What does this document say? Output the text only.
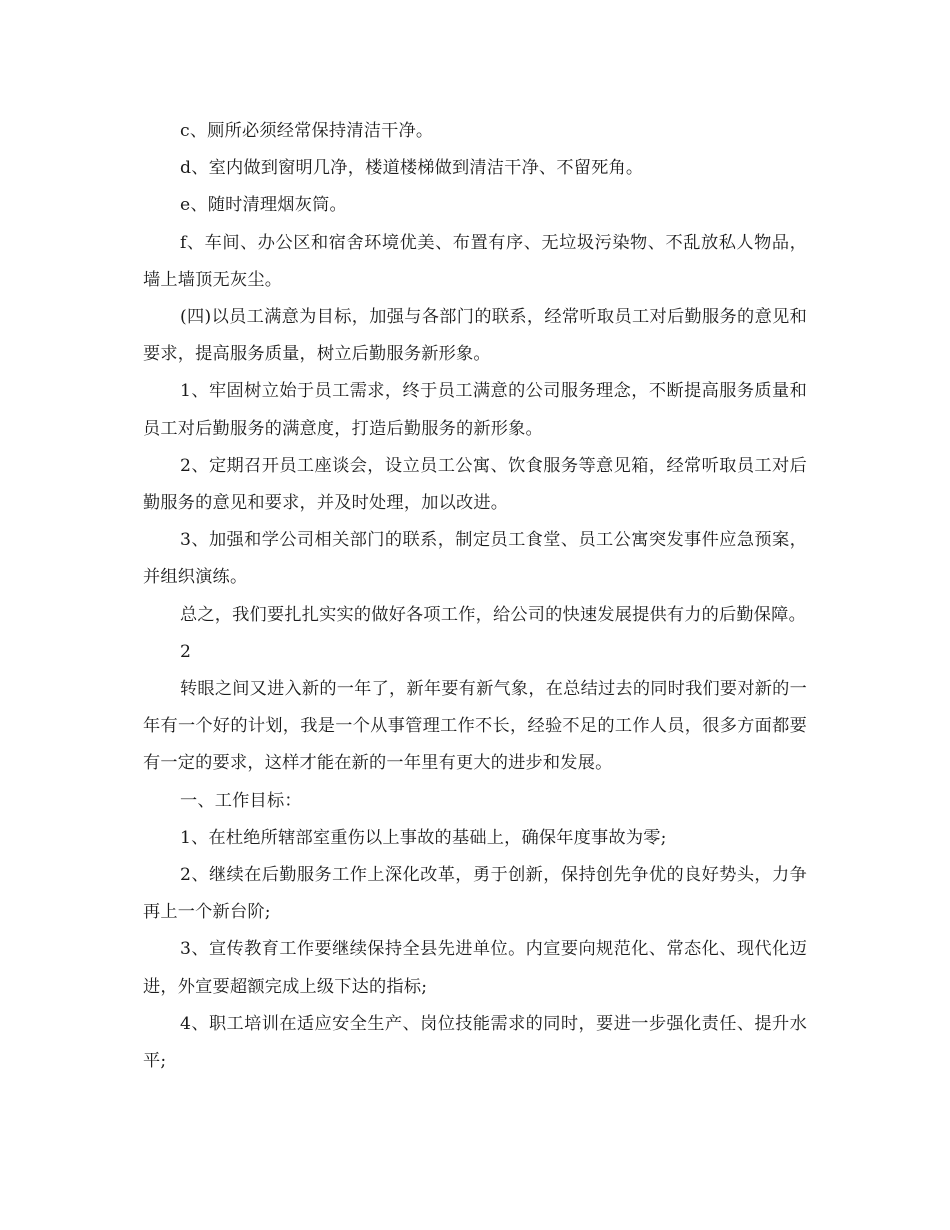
c、厕所必须经常保持清洁干净。

d、室内做到窗明几净，楼道楼梯做到清洁干净、不留死角。

e、随时清理烟灰筒。

f、车间、办公区和宿舍环境优美、布置有序、无垃圾污染物、不乱放私人物品，墙上墙顶无灰尘。

(四)以员工满意为目标，加强与各部门的联系，经常听取员工对后勤服务的意见和要求，提高服务质量，树立后勤服务新形象。

1、牢固树立始于员工需求，终于员工满意的公司服务理念，不断提高服务质量和员工对后勤服务的满意度，打造后勤服务的新形象。

2、定期召开员工座谈会，设立员工公寓、饮食服务等意见箱，经常听取员工对后勤服务的意见和要求，并及时处理，加以改进。

3、加强和学公司相关部门的联系，制定员工食堂、员工公寓突发事件应急预案，并组织演练。

总之，我们要扎扎实实的做好各项工作，给公司的快速发展提供有力的后勤保障。

2

转眼之间又进入新的一年了，新年要有新气象，在总结过去的同时我们要对新的一年有一个好的计划，我是一个从事管理工作不长，经验不足的工作人员，很多方面都要有一定的要求，这样才能在新的一年里有更大的进步和发展。

一、工作目标：

1、在杜绝所辖部室重伤以上事故的基础上，确保年度事故为零;

2、继续在后勤服务工作上深化改革，勇于创新，保持创先争优的良好势头，力争再上一个新台阶;

3、宣传教育工作要继续保持全县先进单位。内宣要向规范化、常态化、现代化迈进，外宣要超额完成上级下达的指标;

4、职工培训在适应安全生产、岗位技能需求的同时，要进一步强化责任、提升水平;
